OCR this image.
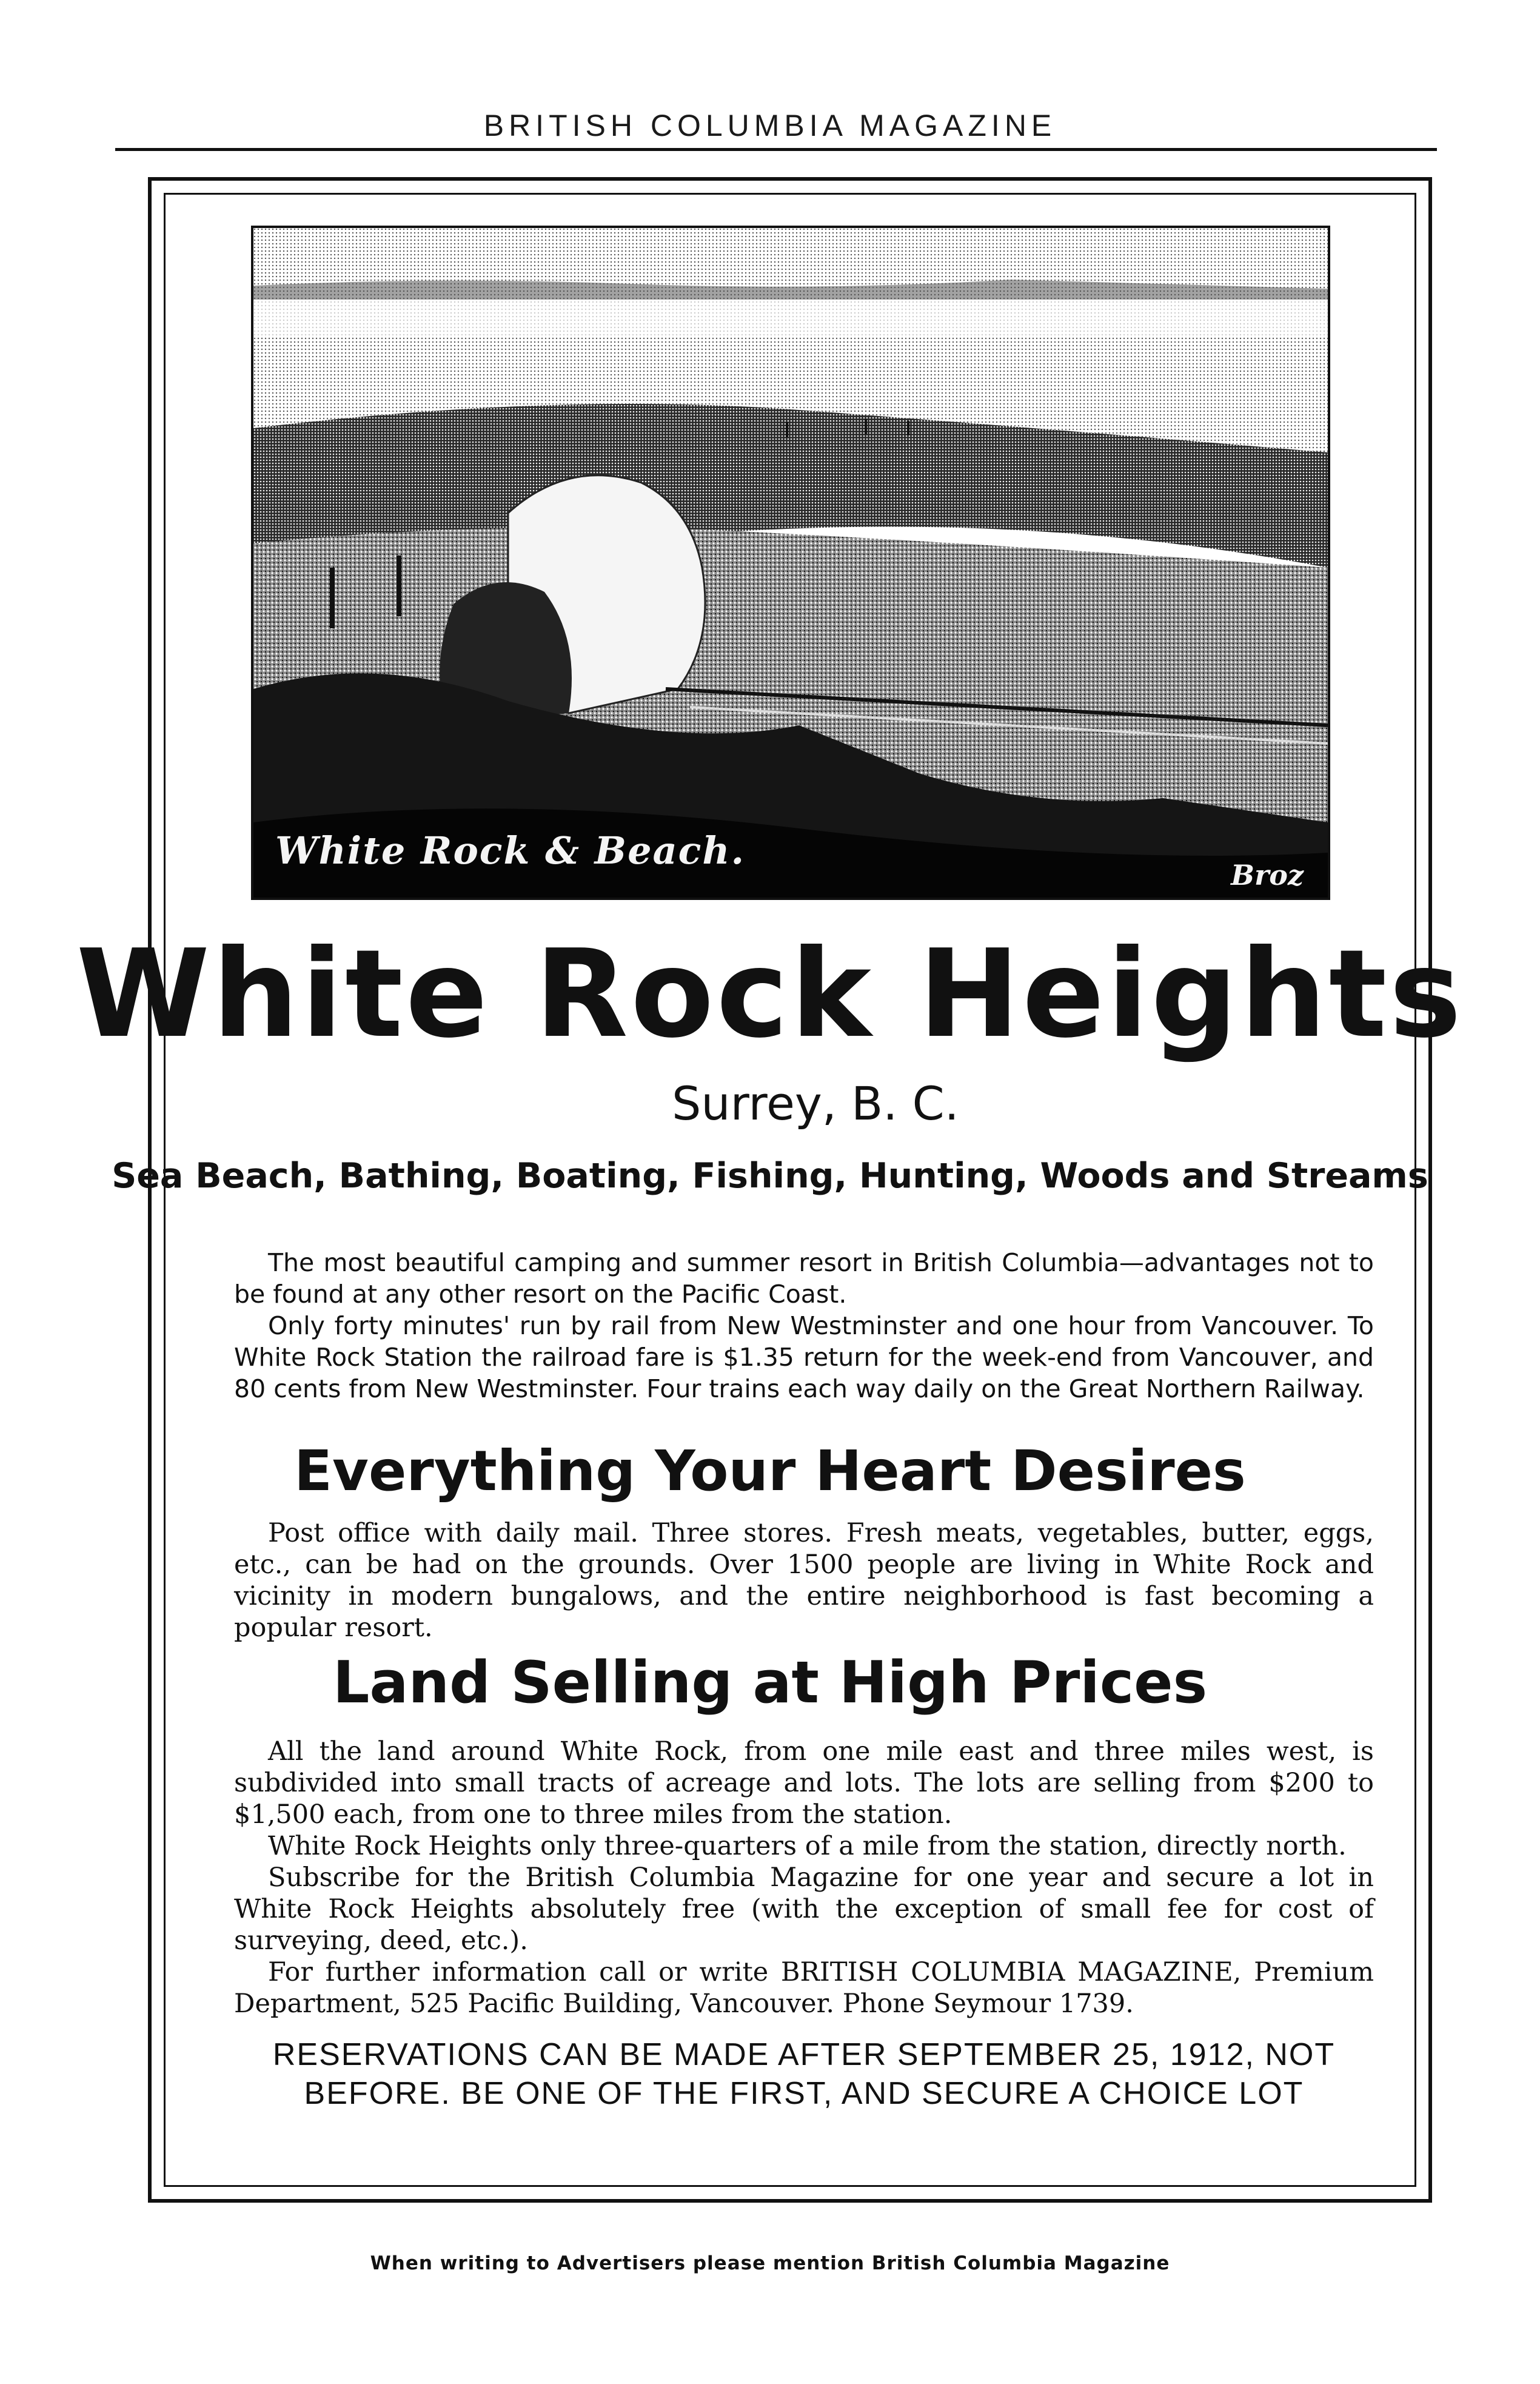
BRITISH COLUMBIA MAGAZINE
White Rock & Beach.
Broz
White Rock Heights
Surrey, B. C.
Sea Beach, Bathing, Boating, Fishing, Hunting, Woods and Streams

The most beautiful camping and summer resort in British Columbia—advantages not to be found at any other resort on the Pacific Coast.

Only forty minutes' run by rail from New Westminster and one hour from Vancouver. To White Rock Station the railroad fare is $1.35 return for the week-end from Vancouver, and 80 cents from New Westminster. Four trains each way daily on the Great Northern Railway.

Everything Your Heart Desires

Post office with daily mail. Three stores. Fresh meats, vegetables, butter, eggs, etc., can be had on the grounds. Over 1500 people are living in White Rock and vicinity in modern bungalows, and the entire neighborhood is fast becoming a popular resort.

Land Selling at High Prices

All the land around White Rock, from one mile east and three miles west, is subdivided into small tracts of acreage and lots. The lots are selling from $200 to $1,500 each, from one to three miles from the station.

White Rock Heights only three-quarters of a mile from the station, directly north.

Subscribe for the British Columbia Magazine for one year and secure a lot in White Rock Heights absolutely free (with the exception of small fee for cost of surveying, deed, etc.).

For further information call or write BRITISH COLUMBIA MAGAZINE, Premium Department, 525 Pacific Building, Vancouver. Phone Seymour 1739.

RESERVATIONS CAN BE MADE AFTER SEPTEMBER 25, 1912, NOT
BEFORE. BE ONE OF THE FIRST, AND SECURE A CHOICE LOT
When writing to Advertisers please mention British Columbia Magazine
